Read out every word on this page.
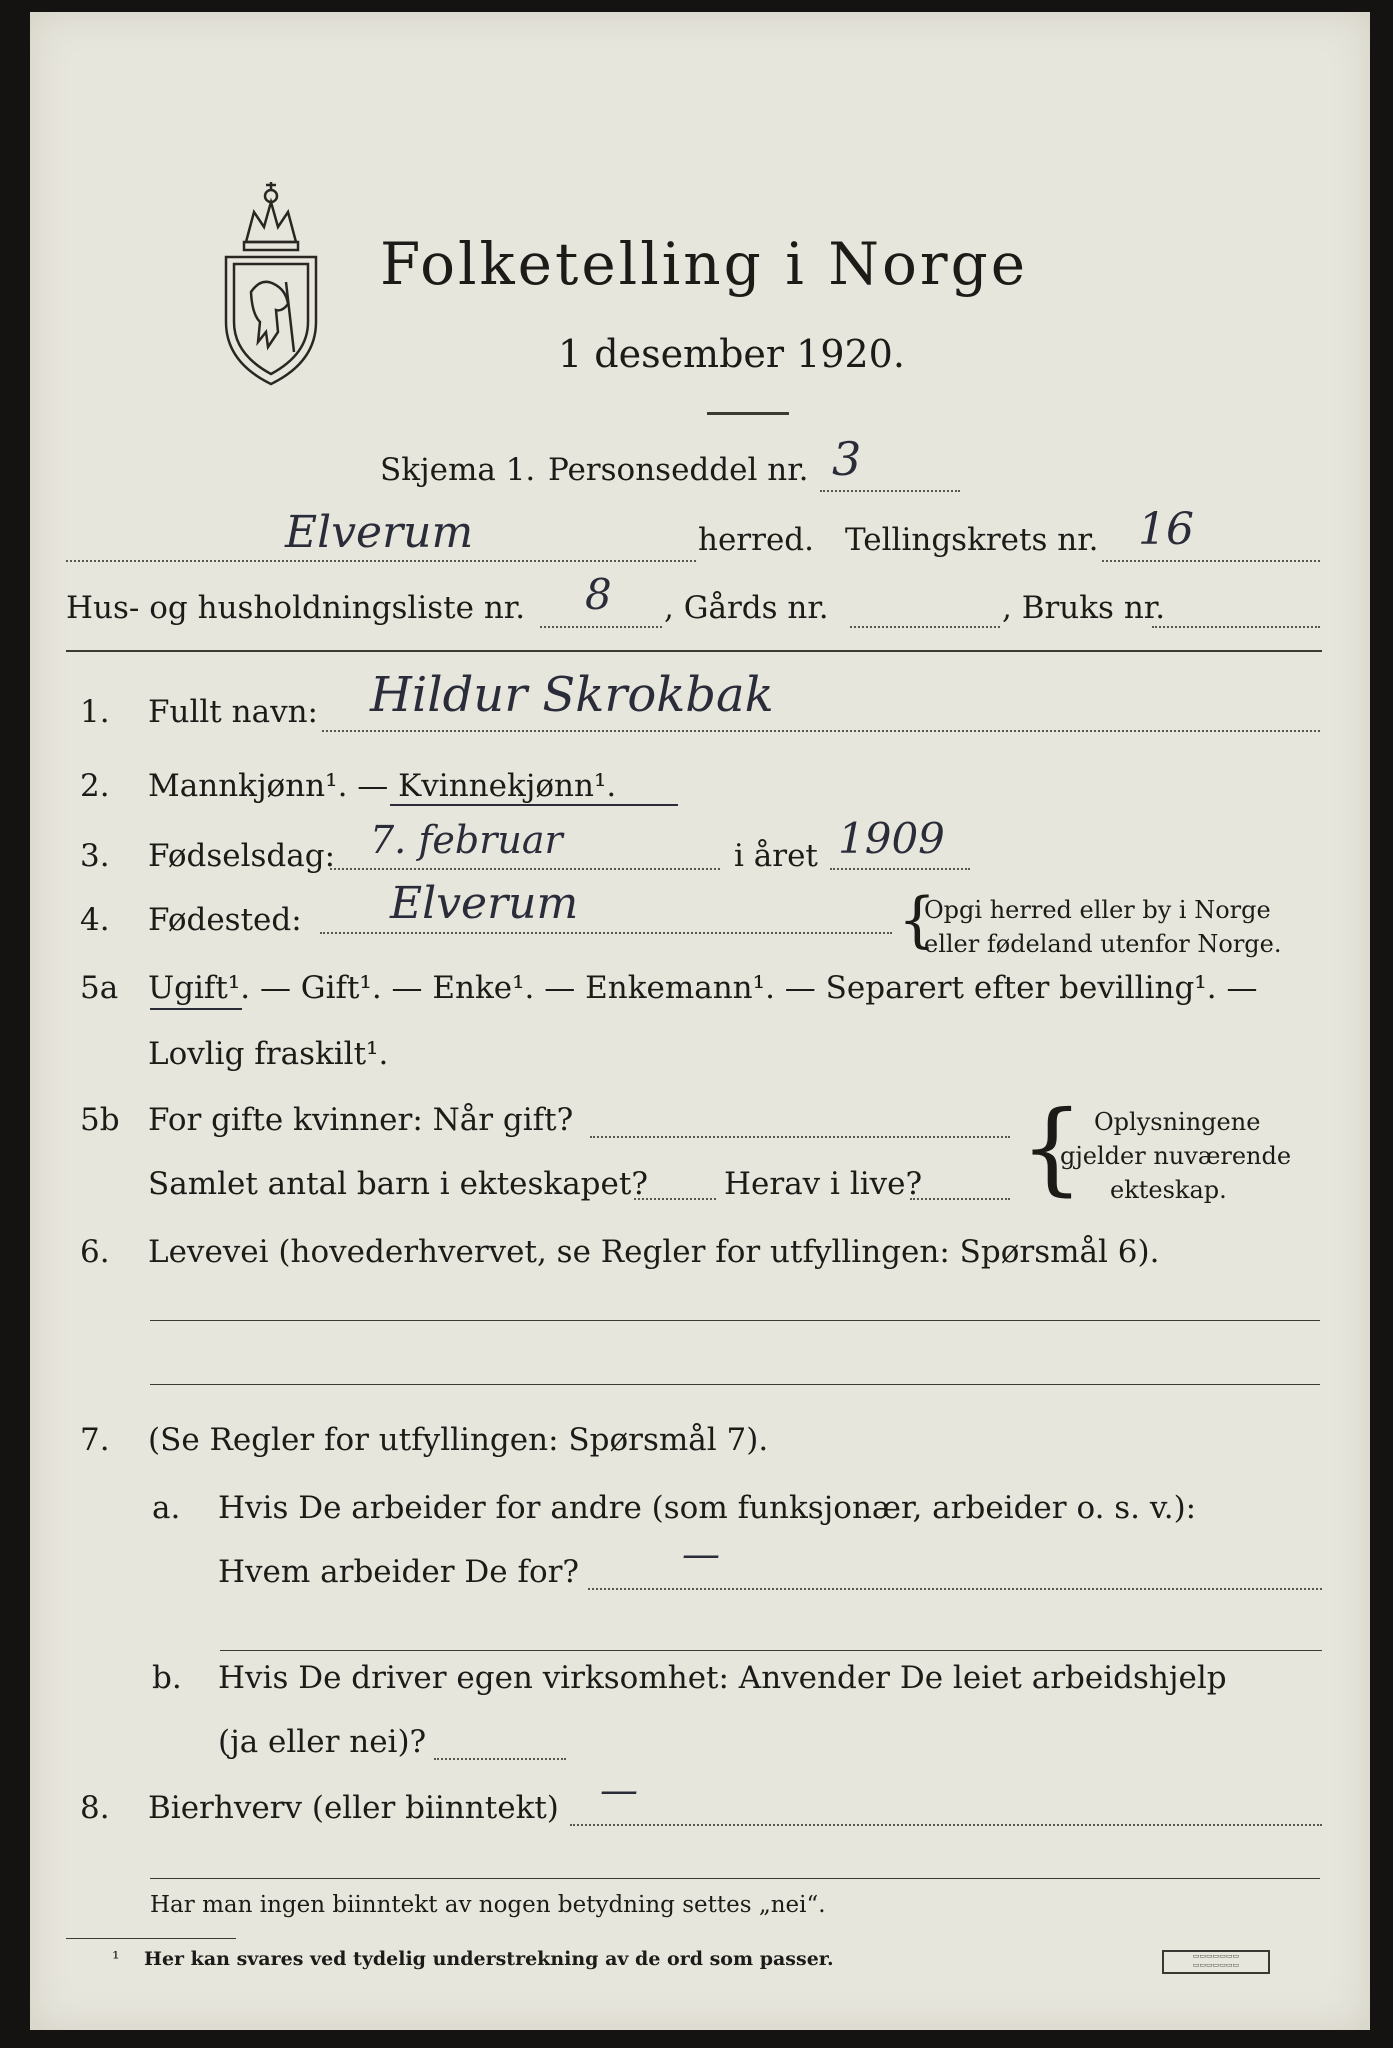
Folketelling i Norge
1 desember 1920.
Skjema 1. Personseddel nr. 3
Elverum	herred. Tellingskrets nr. 16
Hus- og husholdningsliste nr. 8 , Gårds nr.	, Bruks nr.
1. Fullt navn: Hildur Skrokbak
2. Mannkjønn¹. — Kvinnekjønn¹.
3. Fødselsdag: 7. februar	i året 1909
4. Fødested: Elverum	{
Opgi herred eller by i Norge
eller fødeland utenfor Norge.
5a Ugift¹. — Gift¹. — Enke¹. — Enkemann¹. — Separert efter bevilling¹. —
Lovlig fraskilt¹.
5b For gifte kvinner: Når gift?
Samlet antal barn i ekteskapet? Herav i live? { Oplysningene
gjelder nuværende
ekteskap.
6. Levevei (hovederhvervet, se Regler for utfyllingen: Spørsmål 6).
7. (Se Regler for utfyllingen: Spørsmål 7).
a. Hvis De arbeider for andre (som funksjonær, arbeider o. s. v.):
Hvem arbeider De for?	—
b. Hvis De driver egen virksomhet: Anvender De leiet arbeidshjelp
(ja eller nei)?
8. Bierhverv (eller biinntekt) —
Har man ingen biinntekt av nogen betydning settes „nei“.
¹ Her kan svares ved tydelig understrekning av de ord som passer.	▭▭▭▭▭▭▭
▭▭▭▭▭▭▭
